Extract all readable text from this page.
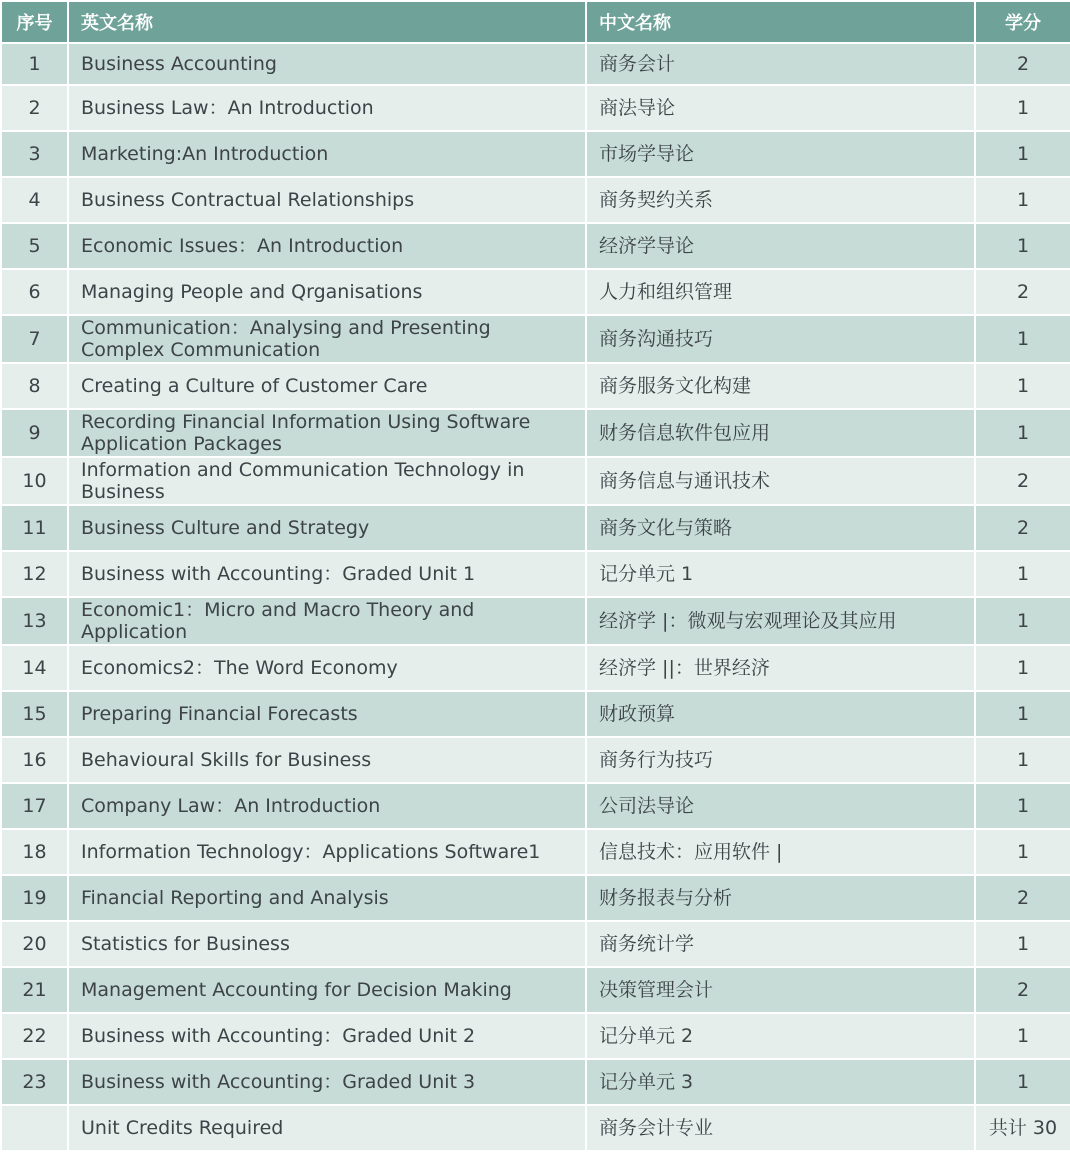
序号	英文名称	中文名称	学分
1	Business Accounting	商务会计	2
2	Business Law：An Introduction	商法导论	1
3	Marketing:An Introduction	市场学导论	1
4	Business Contractual Relationships	商务契约关系	1
5	Economic Issues：An Introduction	经济学导论	1
6	Managing People and Qrganisations	人力和组织管理	2
7	Communication：Analysing and Presenting Complex Communication	商务沟通技巧	1
8	Creating a Culture of Customer Care	商务服务文化构建	1
9	Recording Financial Information Using Software Application Packages	财务信息软件包应用	1
10	Information and Communication Technology in Business	商务信息与通讯技术	2
11	Business Culture and Strategy	商务文化与策略	2
12	Business with Accounting：Graded Unit 1	记分单元 1	1
13	Economic1：Micro and Macro Theory and Application	经济学 |：微观与宏观理论及其应用	1
14	Economics2：The Word Economy	经济学 ||：世界经济	1
15	Preparing Financial Forecasts	财政预算	1
16	Behavioural Skills for Business	商务行为技巧	1
17	Company Law：An Introduction	公司法导论	1
18	Information Technology：Applications Software1	信息技术：应用软件 |	1
19	Financial Reporting and Analysis	财务报表与分析	2
20	Statistics for Business	商务统计学	1
21	Management Accounting for Decision Making	决策管理会计	2
22	Business with Accounting：Graded Unit 2	记分单元 2	1
23	Business with Accounting：Graded Unit 3	记分单元 3	1
	Unit Credits Required	商务会计专业	共计 30
